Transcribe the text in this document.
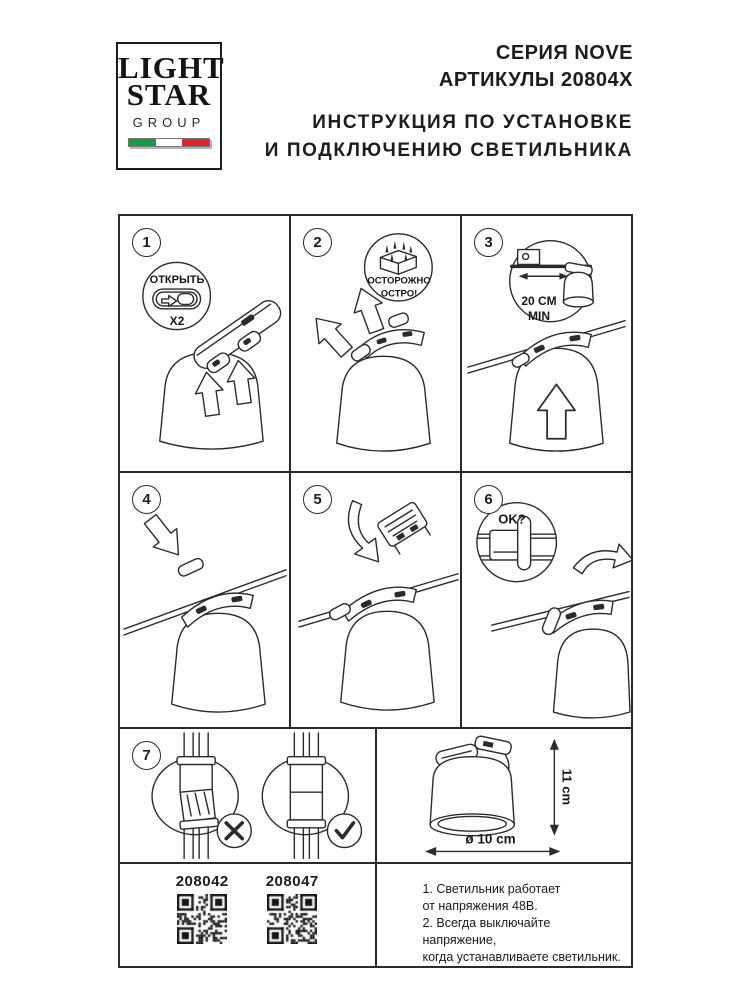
LIGHT
STAR
GROUP
СЕРИЯ NOVE
АРТИКУЛЫ 20804X
ИНСТРУКЦИЯ ПО УСТАНОВКЕ
И ПОДКЛЮЧЕНИЮ СВЕТИЛЬНИКА
1
ОТКРЫТЬ
X2
2
ОСТОРОЖНО
ОСТРО!
3
20 CM
MIN
4	5	6
OK?
7
11 cm
ø 10 cm
208042	208047	1. Светильник работает
от напряжения 48В.
2. Всегда выключайте напряжение,
когда устанавливаете светильник.
